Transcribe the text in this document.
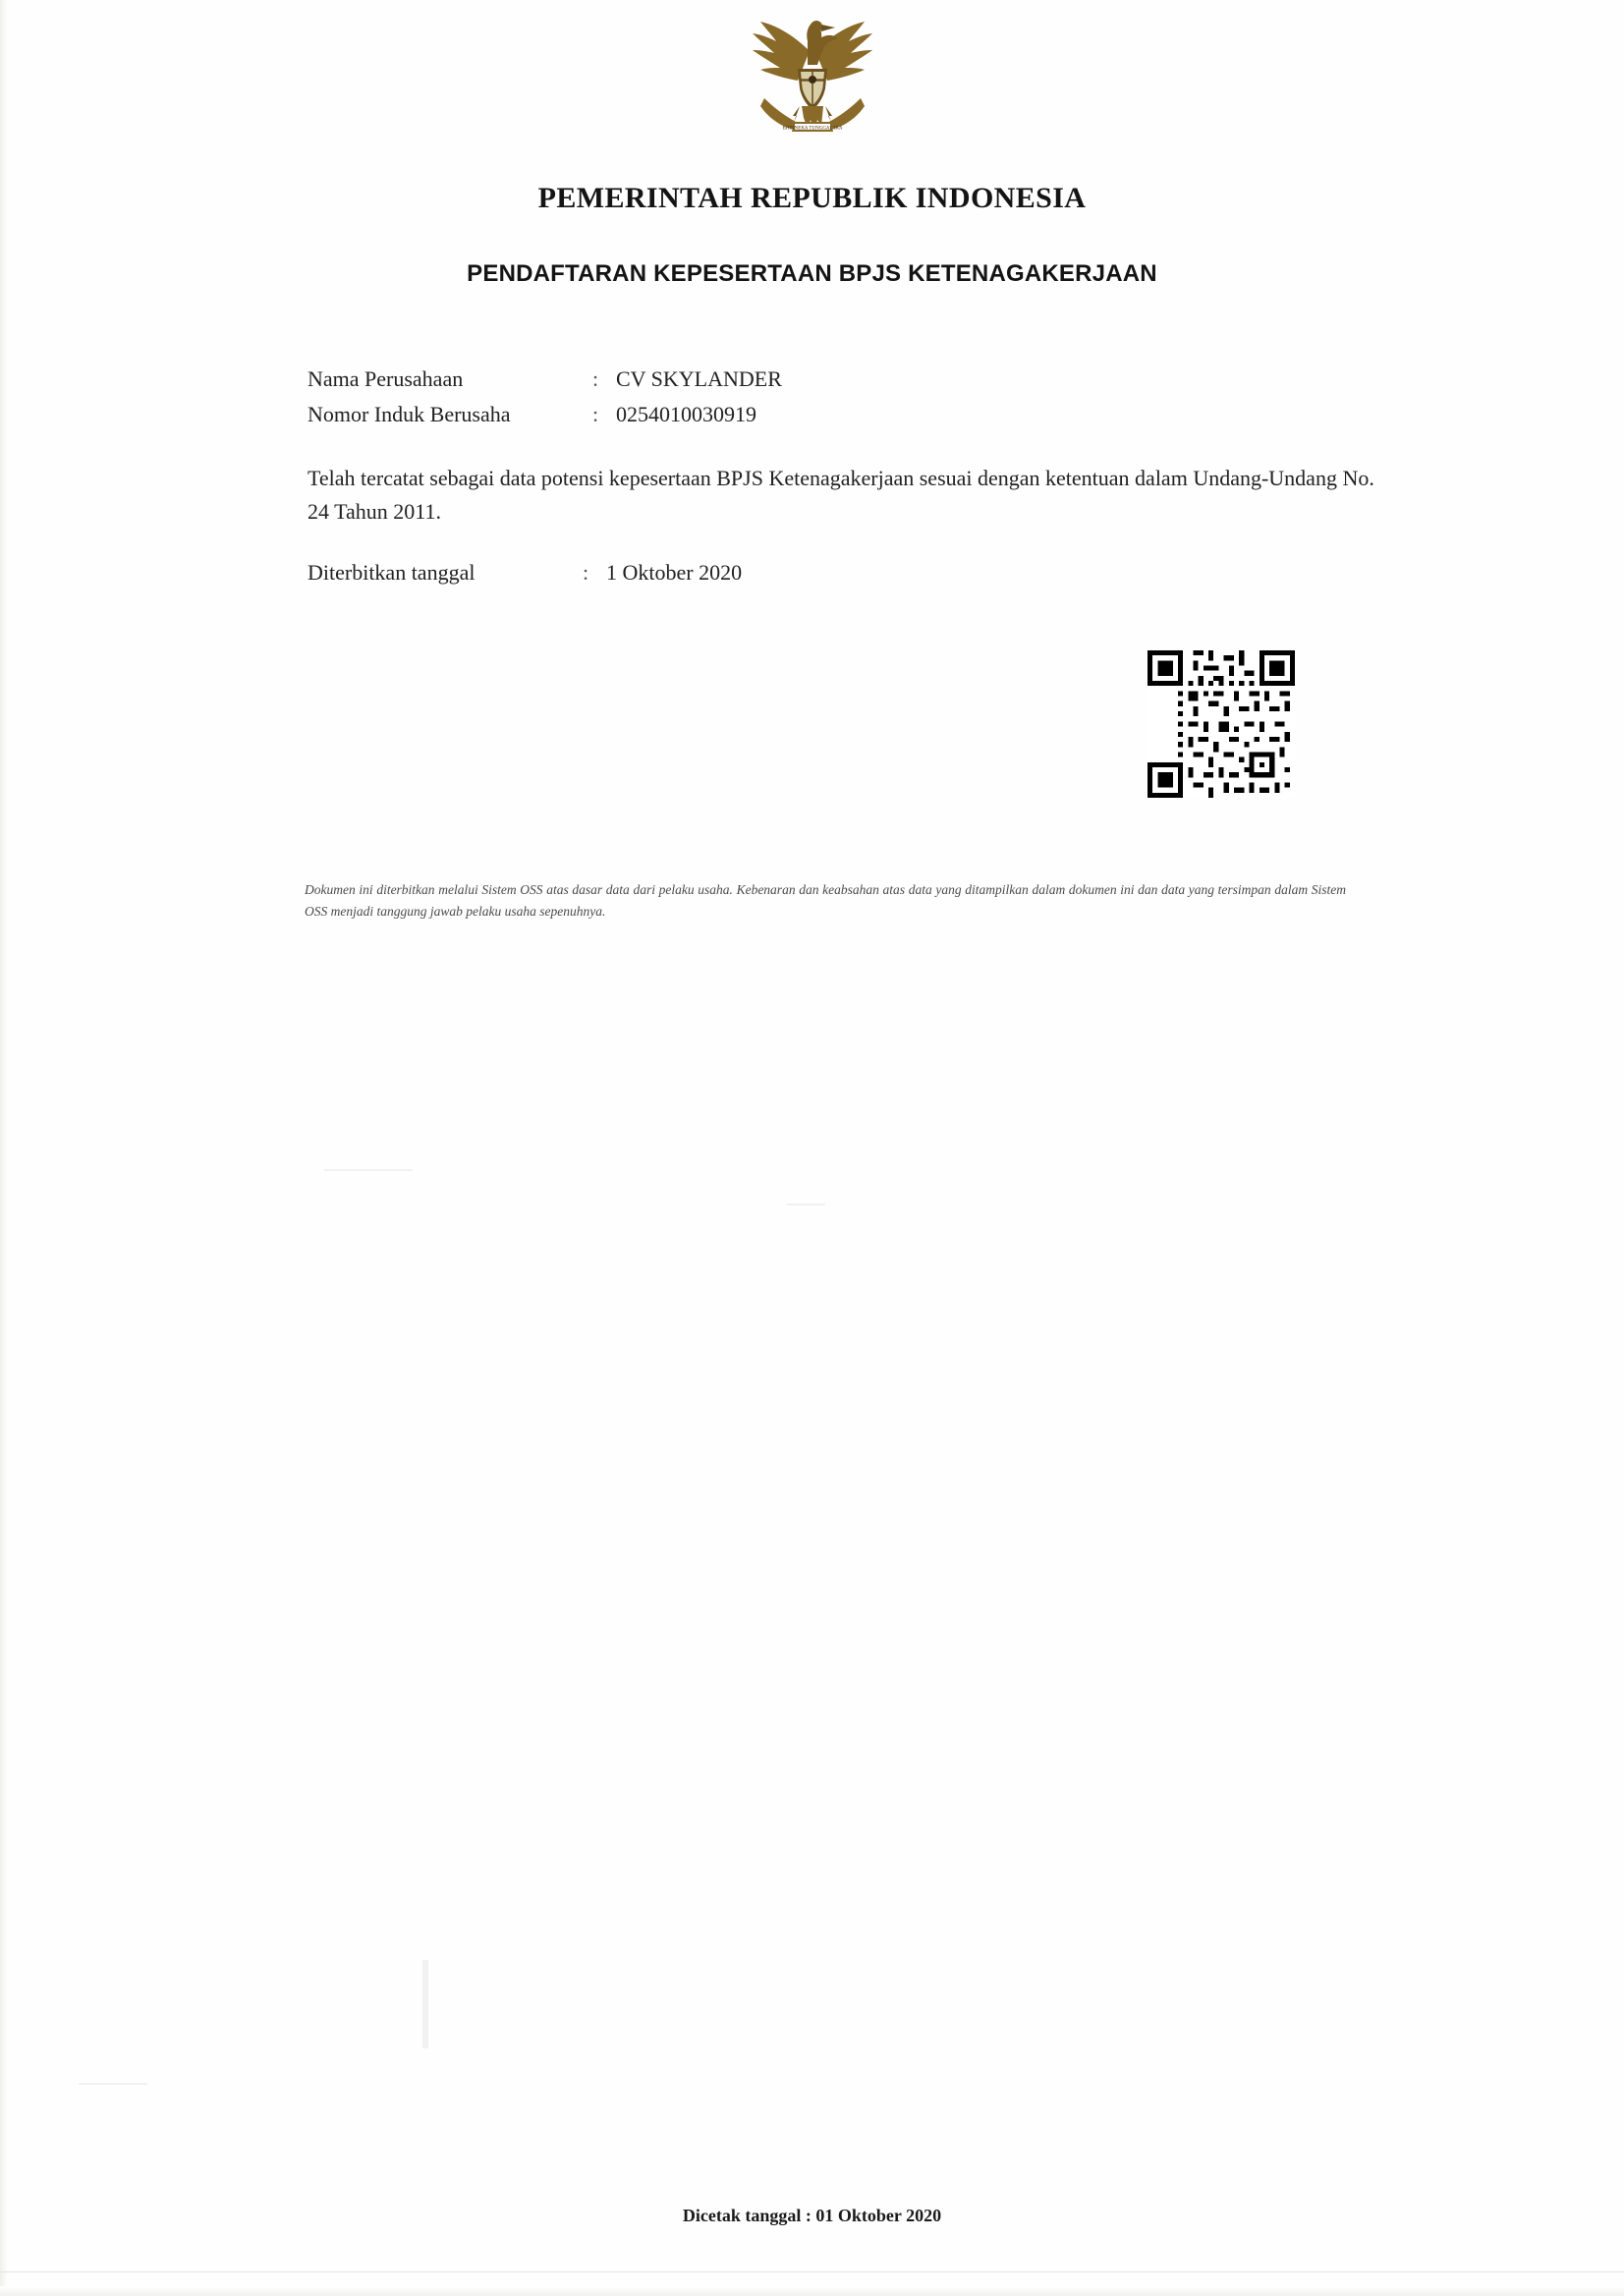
BHINNEKA TUNGGAL IKA
PEMERINTAH REPUBLIK INDONESIA
PENDAFTARAN KEPESERTAAN BPJS KETENAGAKERJAAN
Nama Perusahaan	: CV SKYLANDER
Nomor Induk Berusaha	: 0254010030919
Telah tercatat sebagai data potensi kepesertaan BPJS Ketenagakerjaan sesuai dengan ketentuan dalam Undang-Undang No. 24 Tahun 2011.
Diterbitkan tanggal	: 1 Oktober 2020
Dokumen ini diterbitkan melalui Sistem OSS atas dasar data dari pelaku usaha. Kebenaran dan keabsahan atas data yang ditampilkan dalam dokumen ini dan data yang tersimpan dalam Sistem OSS menjadi tanggung jawab pelaku usaha sepenuhnya.
Dicetak tanggal : 01 Oktober 2020
